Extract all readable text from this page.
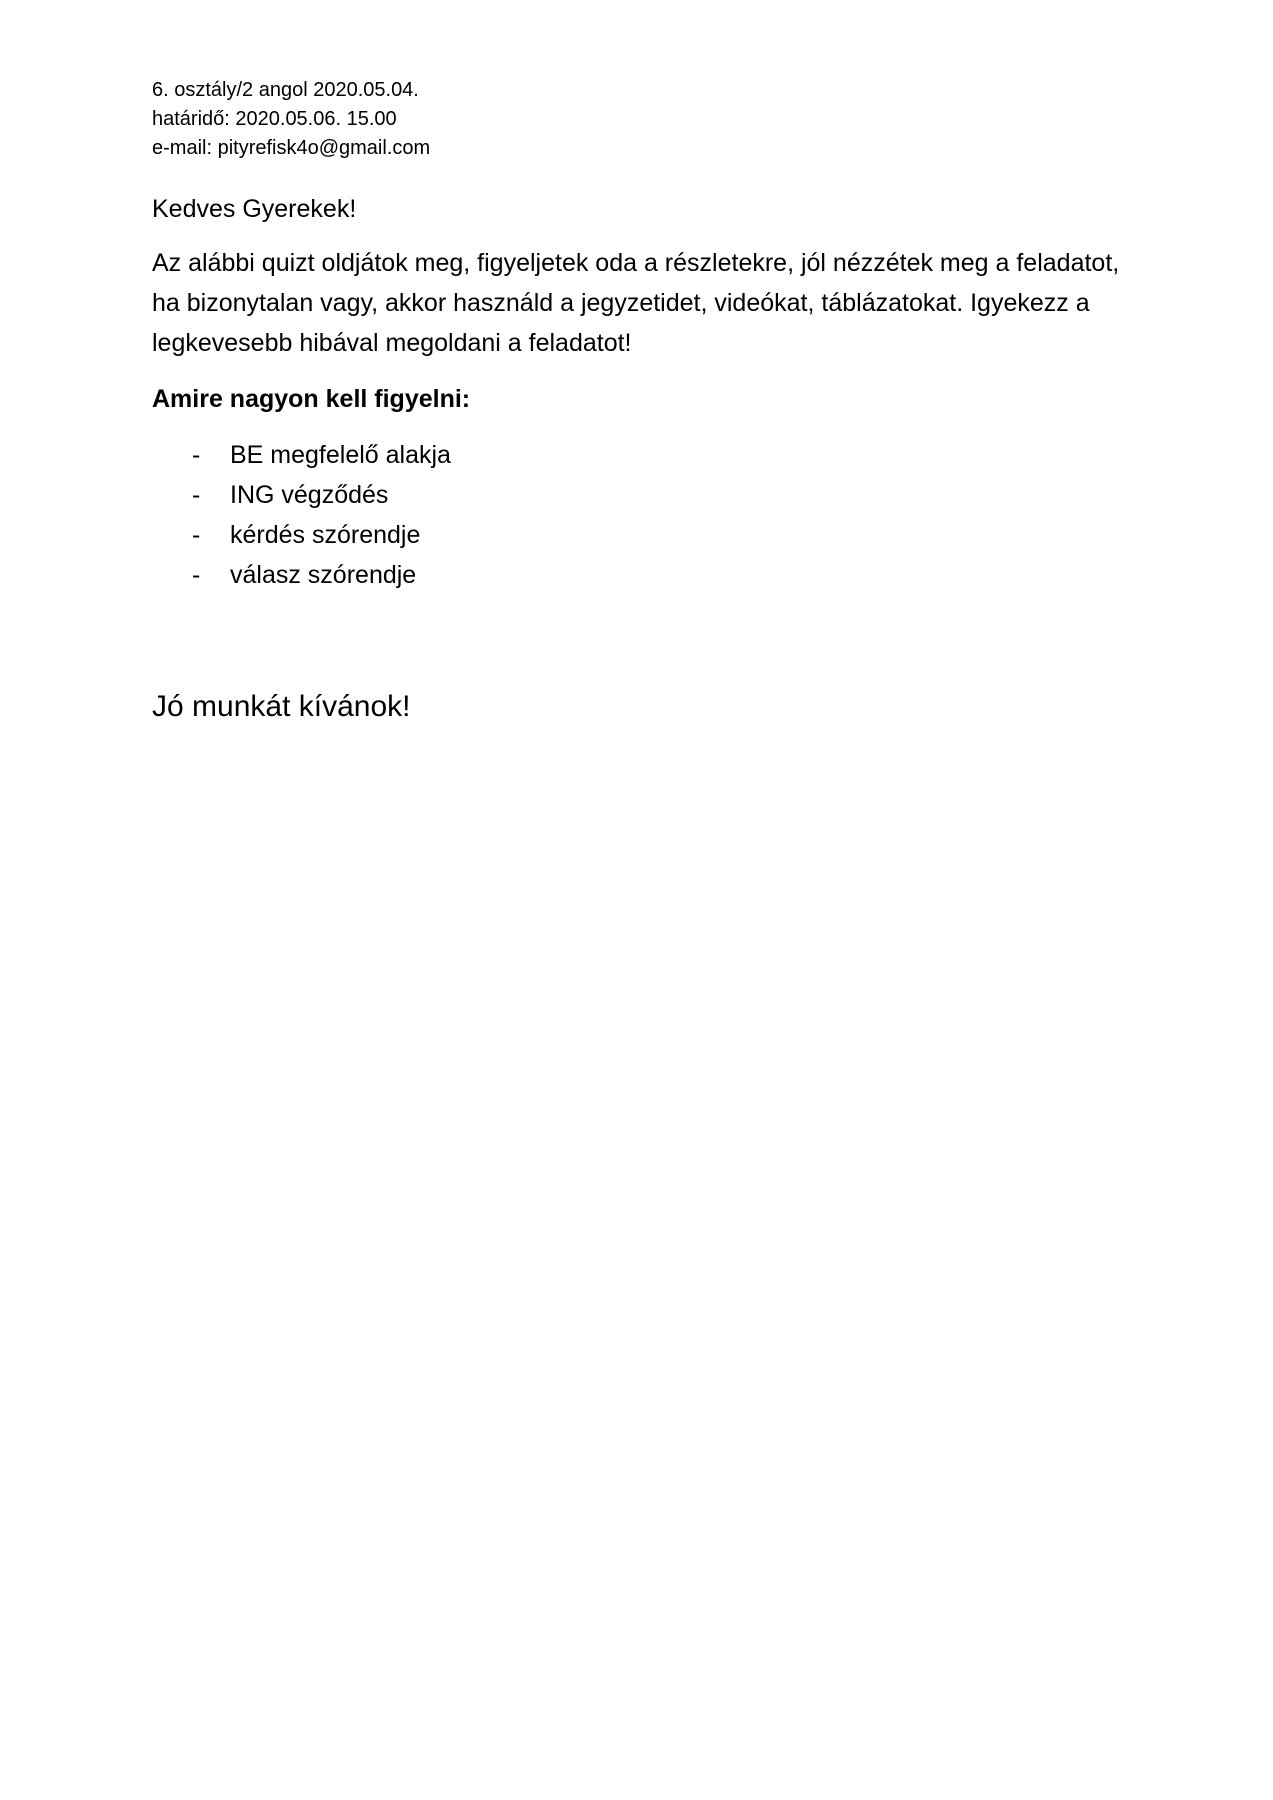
6. osztály/2 angol 2020.05.04.

határidő: 2020.05.06. 15.00

e-mail: pityrefisk4o@gmail.com

Kedves Gyerekek!

Az alábbi quizt oldjátok meg, figyeljetek oda a részletekre, jól nézzétek meg a feladatot, ha bizonytalan vagy, akkor használd a jegyzetidet, videókat, táblázatokat. Igyekezz a legkevesebb hibával megoldani a feladatot!

Amire nagyon kell figyelni:

-	BE megfelelő alakja
-	ING végződés
-	kérdés szórendje
-	válasz szórendje

Jó munkát kívánok!
